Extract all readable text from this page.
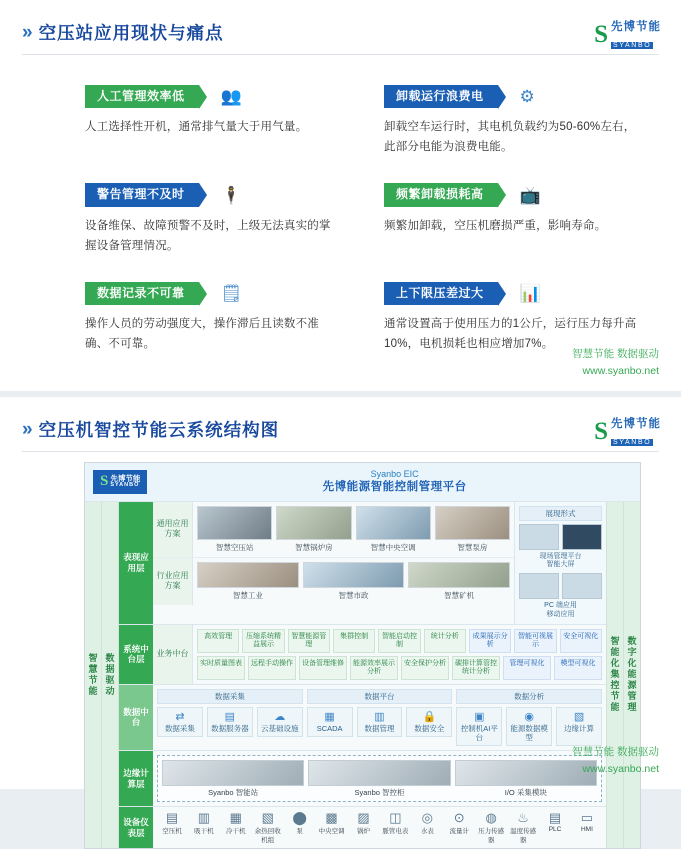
» 空压站应用现状与痛点	S 先博节能
SYANBO
人工管理效率低	👥
人工选择性开机，通常排气量大于用气量。
卸载运行浪费电	⚙
卸载空车运行时，其电机负载约为50-60%左右，此部分电能为浪费电能。
警告管理不及时	🕴
设备维保、故障预警不及时，上级无法真实的掌握设备管理情况。
频繁卸载损耗高	📺
频繁加卸载，空压机磨损严重，影响寿命。
数据记录不可靠	🗒
操作人员的劳动强度大，操作滞后且读数不准确、不可靠。
上下限压差过大	📊
通常设置高于使用压力的1公斤，运行压力每升高10%，电机损耗也相应增加7%。
智慧节能 数据驱动
www.syanbo.net
» 空压机智控节能云系统结构图	S 先博节能
SYANBO
S 先博节能
SYANBO
Syanbo EIC
先博能源智能控制管理平台
智慧节能 数据驱动
表现应用层
通用应用方案
智慧空压站	智慧锅炉房	智慧中央空调	智慧泵房
行业应用方案
智慧工业	智慧市政	智慧矿机
展现形式
现场管理平台
智能大屏
PC 端应用
移动应用
系统中台层
业务中台
高效管理	压缩系统精益展示
智慧能源管理
集群控制	智能启动控制
统计分析	成果展示分析
智能可视展示
安全可视化
实时质量图表	远程手动操作	设备管理维修	能源效率展示分析
安全保护分析	碳排计算管控统计分析
管理可视化	模型可视化
数据中台
数据采集
⇄
数据采集
▤
数据服务器
☁
云基础设施
数据平台
▦
SCADA
▥
数据管理
🔒
数据安全
数据分析
▣
控制机AI平台
◉
能源数据模型
▧
边缘计算
边缘计算层
Syanbo 智能站	Syanbo 智控柜	I/O 采集模块
设备仪表层
▤
空压机
▥
吸干机
▦
冷干机
▧
余热回收机组
⬤
泵
▩
中央空调
▨
锅炉
◫
脈管电表
◎
水表
⊙
流量计
◍
压力传感器
♨
温度传感器
▤
PLC
▭
HMI
智能化集控节能 数字化能源管理
智慧节能 数据驱动
www.syanbo.net
